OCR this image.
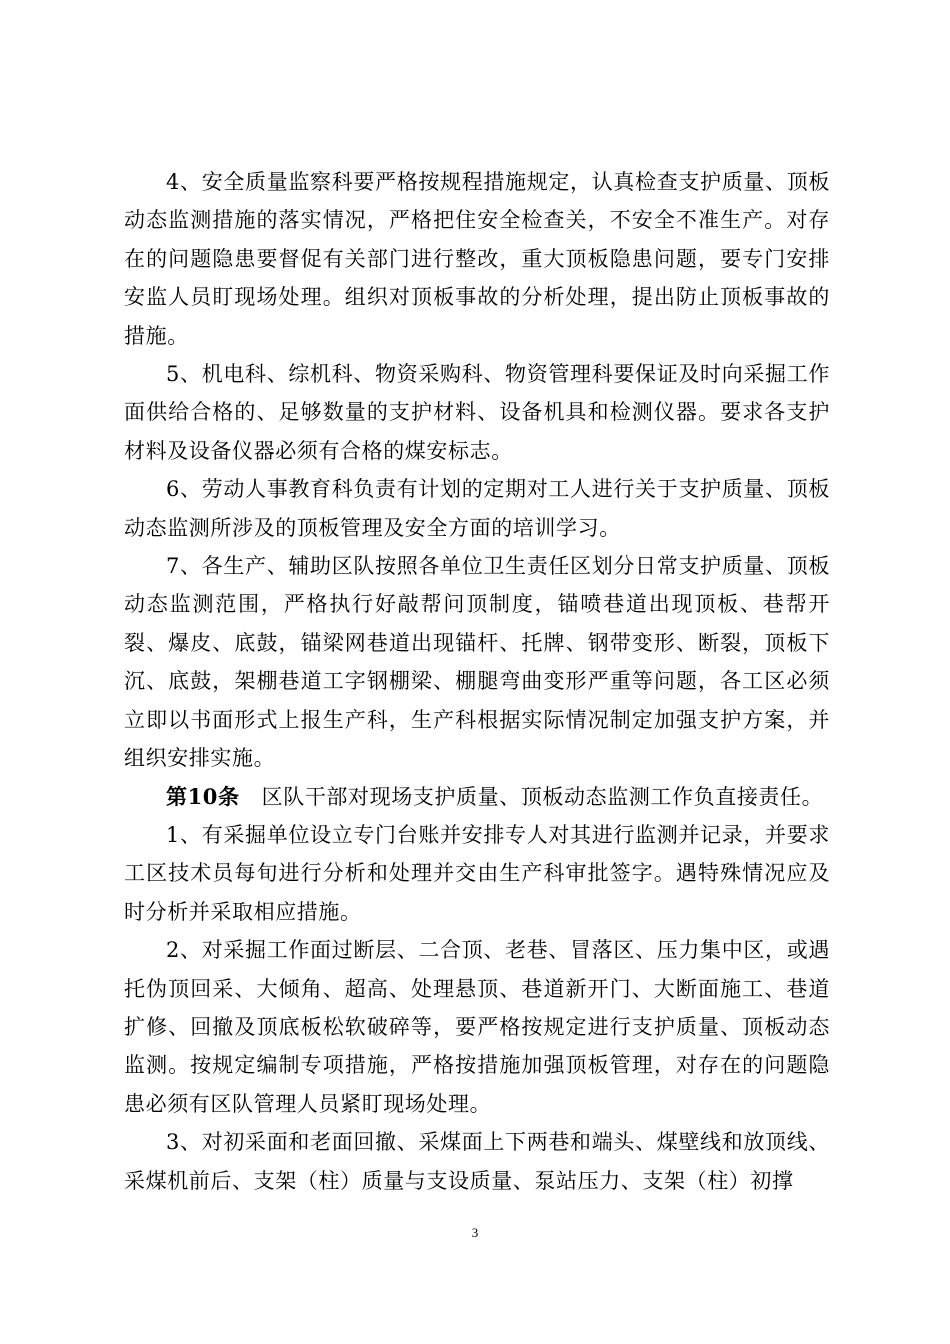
4、安全质量监察科要严格按规程措施规定，认真检查支护质量、顶板动态监测措施的落实情况，严格把住安全检查关，不安全不准生产。对存在的问题隐患要督促有关部门进行整改，重大顶板隐患问题，要专门安排安监人员盯现场处理。组织对顶板事故的分析处理，提出防止顶板事故的措施。

5、机电科、综机科、物资采购科、物资管理科要保证及时向采掘工作面供给合格的、足够数量的支护材料、设备机具和检测仪器。要求各支护材料及设备仪器必须有合格的煤安标志。

6、劳动人事教育科负责有计划的定期对工人进行关于支护质量、顶板动态监测所涉及的顶板管理及安全方面的培训学习。

7、各生产、辅助区队按照各单位卫生责任区划分日常支护质量、顶板动态监测范围，严格执行好敲帮问顶制度，锚喷巷道出现顶板、巷帮开裂、爆皮、底鼓，锚梁网巷道出现锚杆、托牌、钢带变形、断裂，顶板下沉、底鼓，架棚巷道工字钢棚梁、棚腿弯曲变形严重等问题，各工区必须立即以书面形式上报生产科，生产科根据实际情况制定加强支护方案，并组织安排实施。

第10条 区队干部对现场支护质量、顶板动态监测工作负直接责任。

1、有采掘单位设立专门台账并安排专人对其进行监测并记录，并要求工区技术员每旬进行分析和处理并交由生产科审批签字。遇特殊情况应及时分析并采取相应措施。

2、对采掘工作面过断层、二合顶、老巷、冒落区、压力集中区，或遇托伪顶回采、大倾角、超高、处理悬顶、巷道新开门、大断面施工、巷道扩修、回撤及顶底板松软破碎等，要严格按规定进行支护质量、顶板动态监测。按规定编制专项措施，严格按措施加强顶板管理，对存在的问题隐患必须有区队管理人员紧盯现场处理。

3、对初采面和老面回撤、采煤面上下两巷和端头、煤壁线和放顶线、采煤机前后、支架（柱）质量与支设质量、泵站压力、支架（柱）初撑

3
